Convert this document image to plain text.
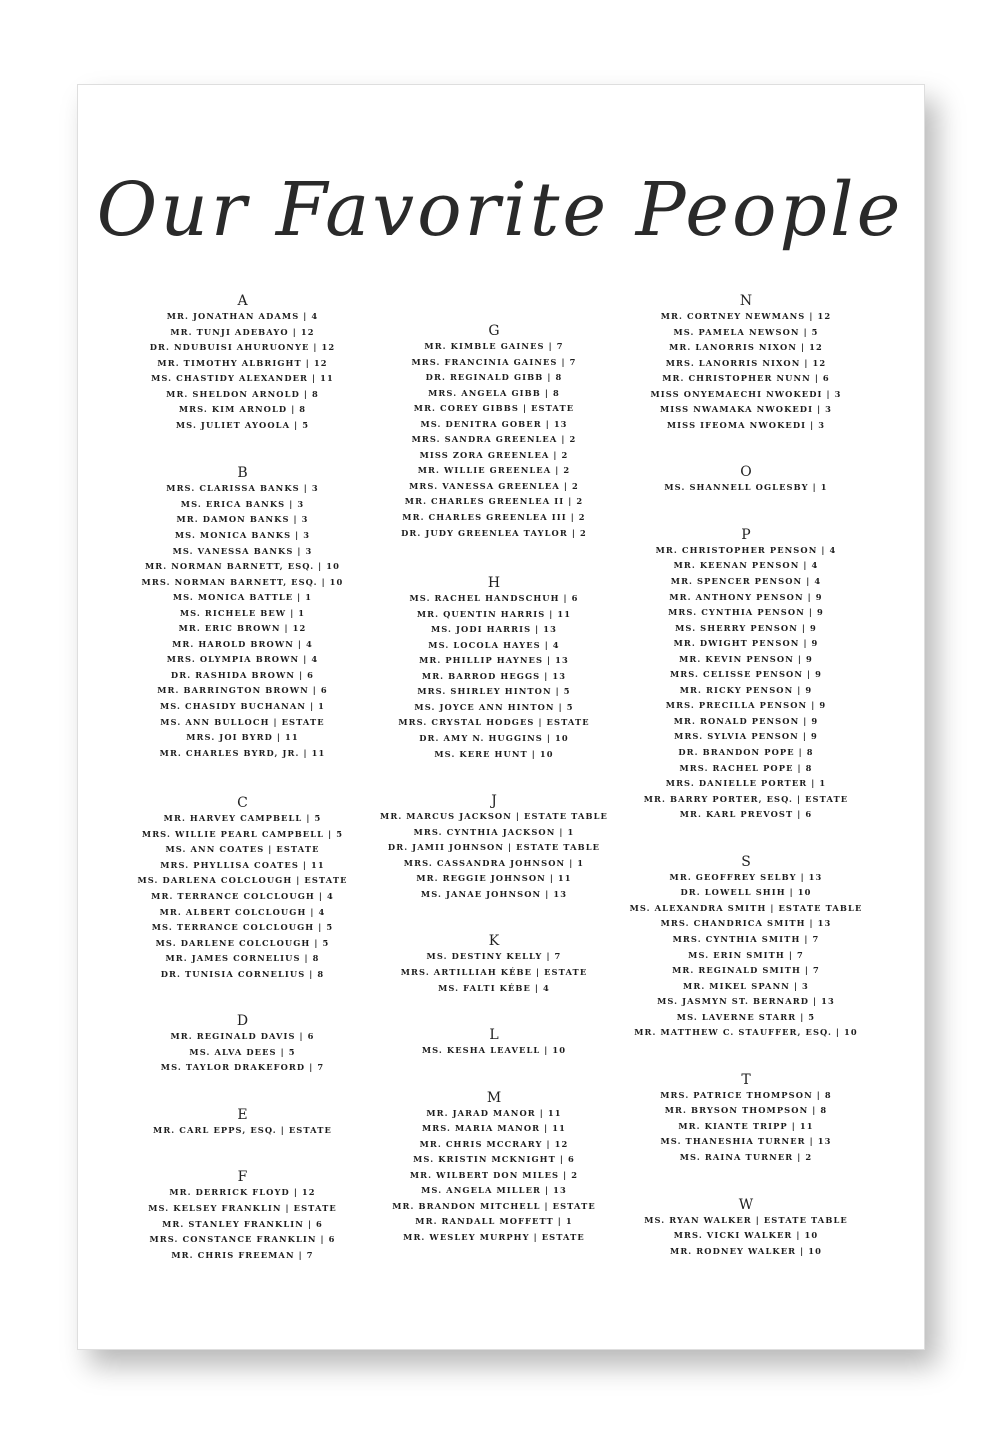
Our Favorite People
A
MR. JONATHAN ADAMS | 4
MR. TUNJI ADEBAYO | 12
DR. NDUBUISI AHURUONYE | 12
MR. TIMOTHY ALBRIGHT | 12
MS. CHASTIDY ALEXANDER | 11
MR. SHELDON ARNOLD | 8
MRS. KIM ARNOLD | 8
MS. JULIET AYOOLA | 5
B
MRS. CLARISSA BANKS | 3
MS. ERICA BANKS | 3
MR. DAMON BANKS | 3
MS. MONICA BANKS | 3
MS. VANESSA BANKS | 3
MR. NORMAN BARNETT, ESQ. | 10
MRS. NORMAN BARNETT, ESQ. | 10
MS. MONICA BATTLE | 1
MS. RICHELE BEW | 1
MR. ERIC BROWN | 12
MR. HAROLD BROWN | 4
MRS. OLYMPIA BROWN | 4
DR. RASHIDA BROWN | 6
MR. BARRINGTON BROWN | 6
MS. CHASIDY BUCHANAN | 1
MS. ANN BULLOCH | ESTATE
MRS. JOI BYRD | 11
MR. CHARLES BYRD, JR. | 11
C
MR. HARVEY CAMPBELL | 5
MRS. WILLIE PEARL CAMPBELL | 5
MS. ANN COATES | ESTATE
MRS. PHYLLISA COATES | 11
MS. DARLENA COLCLOUGH | ESTATE
MR. TERRANCE COLCLOUGH | 4
MR. ALBERT COLCLOUGH | 4
MS. TERRANCE COLCLOUGH | 5
MS. DARLENE COLCLOUGH | 5
MR. JAMES CORNELIUS | 8
DR. TUNISIA CORNELIUS | 8
D
MR. REGINALD DAVIS | 6
MS. ALVA DEES | 5
MS. TAYLOR DRAKEFORD | 7
E
MR. CARL EPPS, ESQ. | ESTATE
F
MR. DERRICK FLOYD | 12
MS. KELSEY FRANKLIN | ESTATE
MR. STANLEY FRANKLIN | 6
MRS. CONSTANCE FRANKLIN | 6
MR. CHRIS FREEMAN | 7
G
MR. KIMBLE GAINES | 7
MRS. FRANCINIA GAINES | 7
DR. REGINALD GIBB | 8
MRS. ANGELA GIBB | 8
MR. COREY GIBBS | ESTATE
MS. DENITRA GOBER | 13
MRS. SANDRA GREENLEA | 2
MISS ZORA GREENLEA | 2
MR. WILLIE GREENLEA | 2
MRS. VANESSA GREENLEA | 2
MR. CHARLES GREENLEA II | 2
MR. CHARLES GREENLEA III | 2
DR. JUDY GREENLEA TAYLOR | 2
H
MS. RACHEL HANDSCHUH | 6
MR. QUENTIN HARRIS | 11
MS. JODI HARRIS | 13
MS. LOCOLA HAYES | 4
MR. PHILLIP HAYNES | 13
MR. BARROD HEGGS | 13
MRS. SHIRLEY HINTON | 5
MS. JOYCE ANN HINTON | 5
MRS. CRYSTAL HODGES | ESTATE
DR. AMY N. HUGGINS | 10
MS. KERE HUNT | 10
J
MR. MARCUS JACKSON | ESTATE TABLE
MRS. CYNTHIA JACKSON | 1
DR. JAMII JOHNSON | ESTATE TABLE
MRS. CASSANDRA JOHNSON | 1
MR. REGGIE JOHNSON | 11
MS. JANAE JOHNSON | 13
K
MS. DESTINY KELLY | 7
MRS. ARTILLIAH KÉBE | ESTATE
MS. FALTI KÉBE | 4
L
MS. KESHA LEAVELL | 10
M
MR. JARAD MANOR | 11
MRS. MARIA MANOR | 11
MR. CHRIS MCCRARY | 12
MS. KRISTIN MCKNIGHT | 6
MR. WILBERT DON MILES | 2
MS. ANGELA MILLER | 13
MR. BRANDON MITCHELL | ESTATE
MR. RANDALL MOFFETT | 1
MR. WESLEY MURPHY | ESTATE
N
MR. CORTNEY NEWMANS | 12
MS. PAMELA NEWSON | 5
MR. LANORRIS NIXON | 12
MRS. LANORRIS NIXON | 12
MR. CHRISTOPHER NUNN | 6
MISS ONYEMAECHI NWOKEDI | 3
MISS NWAMAKA NWOKEDI | 3
MISS IFEOMA NWOKEDI | 3
O
MS. SHANNELL OGLESBY | 1
P
MR. CHRISTOPHER PENSON | 4
MR. KEENAN PENSON | 4
MR. SPENCER PENSON | 4
MR. ANTHONY PENSON | 9
MRS. CYNTHIA PENSON | 9
MS. SHERRY PENSON | 9
MR. DWIGHT PENSON | 9
MR. KEVIN PENSON | 9
MRS. CELISSE PENSON | 9
MR. RICKY PENSON | 9
MRS. PRECILLA PENSON | 9
MR. RONALD PENSON | 9
MRS. SYLVIA PENSON | 9
DR. BRANDON POPE | 8
MRS. RACHEL POPE | 8
MRS. DANIELLE PORTER | 1
MR. BARRY PORTER, ESQ. | ESTATE
MR. KARL PREVOST | 6
S
MR. GEOFFREY SELBY | 13
DR. LOWELL SHIH | 10
MS. ALEXANDRA SMITH | ESTATE TABLE
MRS. CHANDRICA SMITH | 13
MRS. CYNTHIA SMITH | 7
MS. ERIN SMITH | 7
MR. REGINALD SMITH | 7
MR. MIKEL SPANN | 3
MS. JASMYN ST. BERNARD | 13
MS. LAVERNE STARR | 5
MR. MATTHEW C. STAUFFER, ESQ. | 10
T
MRS. PATRICE THOMPSON | 8
MR. BRYSON THOMPSON | 8
MR. KIANTE TRIPP | 11
MS. THANESHIA TURNER | 13
MS. RAINA TURNER | 2
W
MS. RYAN WALKER | ESTATE TABLE
MRS. VICKI WALKER | 10
MR. RODNEY WALKER | 10
